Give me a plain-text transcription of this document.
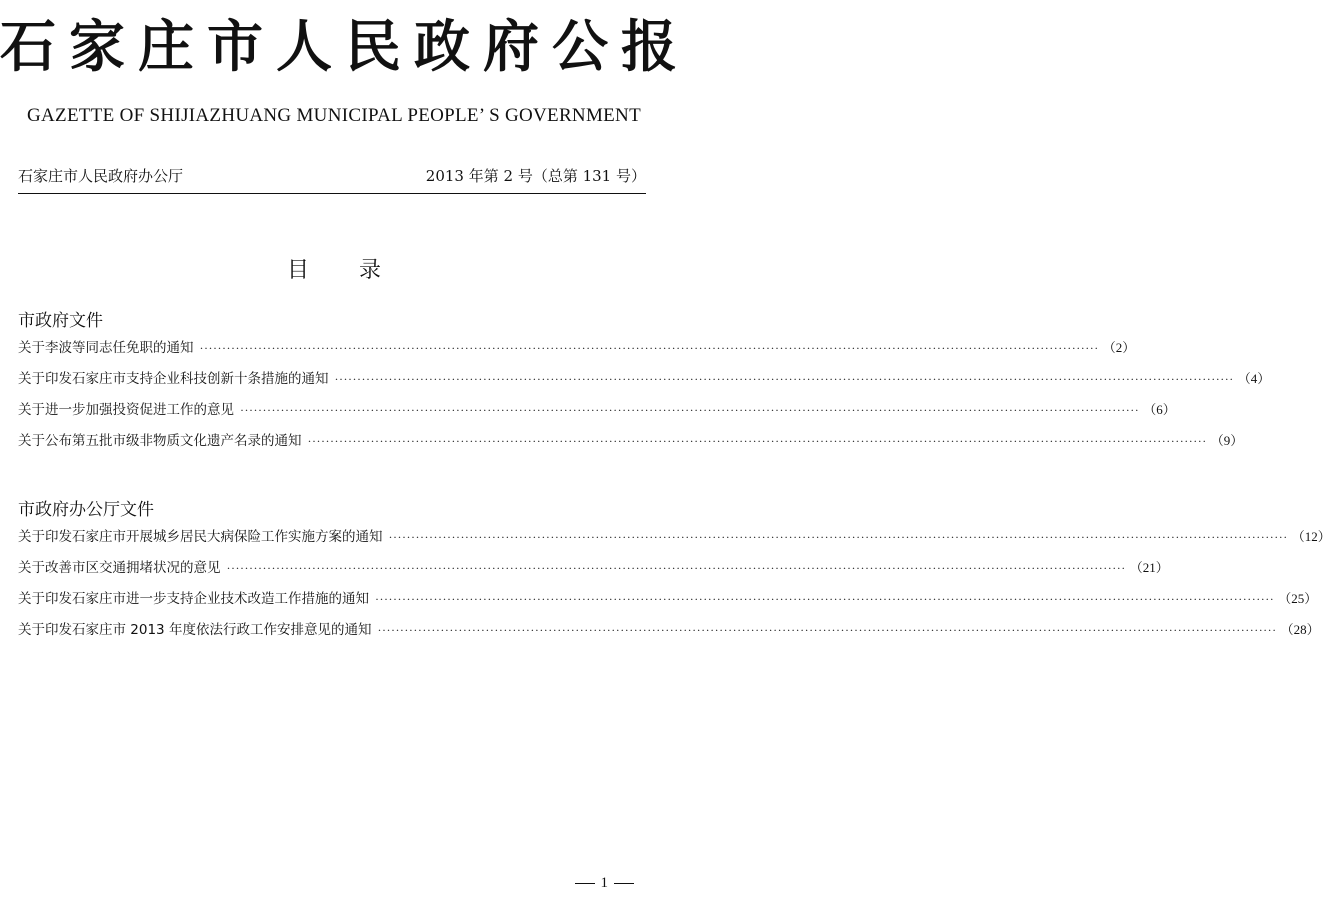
石家庄市人民政府公报
GAZETTE OF SHIJIAZHUANG MUNICIPAL PEOPLE’ S GOVERNMENT
石家庄市人民政府办公厅	2013 年第 2 号（总第 131 号）
目录
市政府文件
关于李波等同志任免职的通知 ········································································································································································································ （2）
关于印发石家庄市支持企业科技创新十条措施的通知 ········································································································································································································ （4）
关于进一步加强投资促进工作的意见 ········································································································································································································ （6）
关于公布第五批市级非物质文化遗产名录的通知 ········································································································································································································ （9）
市政府办公厅文件
关于印发石家庄市开展城乡居民大病保险工作实施方案的通知 ········································································································································································································ （12）
关于改善市区交通拥堵状况的意见 ········································································································································································································ （21）
关于印发石家庄市进一步支持企业技术改造工作措施的通知 ········································································································································································································ （25）
关于印发石家庄市 2013 年度依法行政工作安排意见的通知 ········································································································································································································ （28）
1
